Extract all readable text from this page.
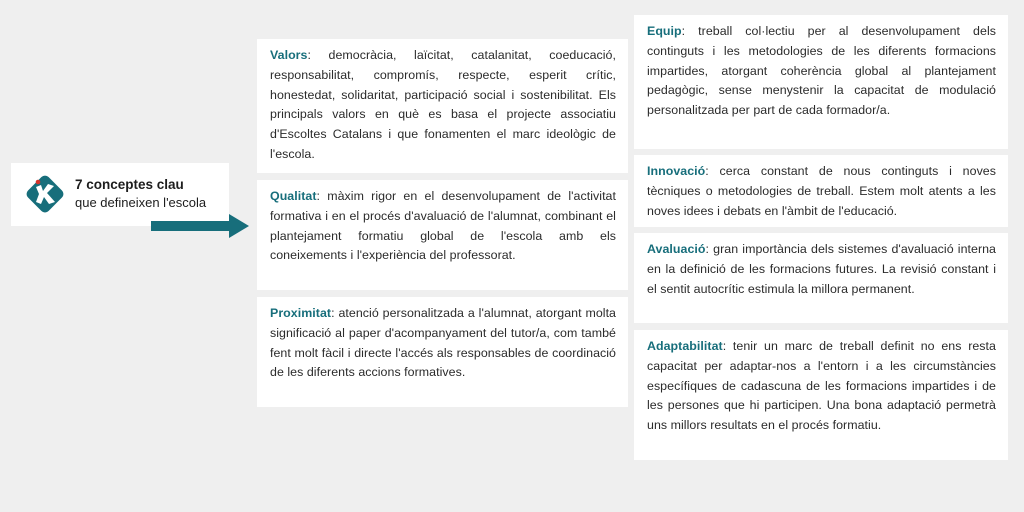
7 conceptes clau
que defineixen l'escola
Valors: democràcia, laïcitat, catalanitat, coeducació, responsabilitat, compromís, respecte, esperit crític, honestedat, solidaritat, participació social i sostenibilitat. Els principals valors en què es basa el projecte associatiu d'Escoltes Catalans i que fonamenten el marc ideològic de l'escola.
Qualitat: màxim rigor en el desenvolupament de l'activitat formativa i en el procés d'avaluació de l'alumnat, combinant el plantejament formatiu global de l'escola amb els coneixements i l'experiència del professorat.
Proximitat: atenció personalitzada a l'alumnat, atorgant molta significació al paper d'acompanyament del tutor/a, com també fent molt fàcil i directe l'accés als responsables de coordinació de les diferents accions formatives.
Equip: treball col·lectiu per al desenvolupament dels continguts i les metodologies de les diferents formacions impartides, atorgant coherència global al plantejament pedagògic, sense menystenir la capacitat de modulació personalitzada per part de cada formador/a.
Innovació: cerca constant de nous continguts i noves tècniques o metodologies de treball. Estem molt atents a les noves idees i debats en l'àmbit de l'educació.
Avaluació: gran importància dels sistemes d'avaluació interna en la definició de les formacions futures. La revisió constant i el sentit autocrític estimula la millora permanent.
Adaptabilitat: tenir un marc de treball definit no ens resta capacitat per adaptar-nos a l'entorn i a les circumstàncies específiques de cadascuna de les formacions impartides i de les persones que hi participen. Una bona adaptació permetrà uns millors resultats en el procés formatiu.
